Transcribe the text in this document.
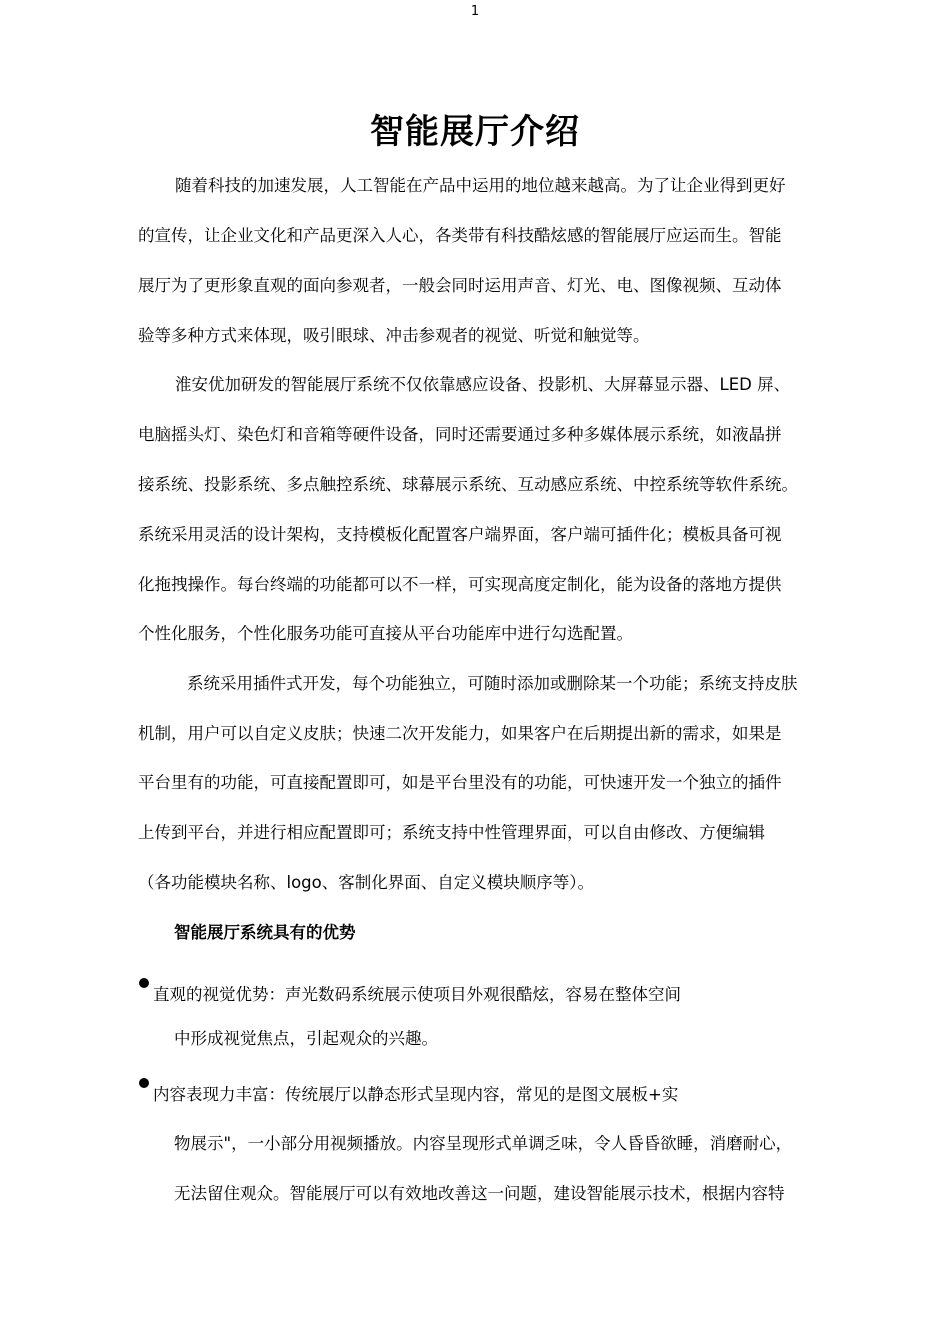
1
智能展厅介绍
随着科技的加速发展，人工智能在产品中运用的地位越来越高。为了让企业得到更好
的宣传，让企业文化和产品更深入人心，各类带有科技酷炫感的智能展厅应运而生。智能
展厅为了更形象直观的面向参观者，一般会同时运用声音、灯光、电、图像视频、互动体
验等多种方式来体现，吸引眼球、冲击参观者的视觉、听觉和触觉等。
淮安优加研发的智能展厅系统不仅依靠感应设备、投影机、大屏幕显示器、LED 屏、
电脑摇头灯、染色灯和音箱等硬件设备，同时还需要通过多种多媒体展示系统，如液晶拼
接系统、投影系统、多点触控系统、球幕展示系统、互动感应系统、中控系统等软件系统。
系统采用灵活的设计架构，支持模板化配置客户端界面，客户端可插件化；模板具备可视
化拖拽操作。每台终端的功能都可以不一样，可实现高度定制化，能为设备的落地方提供
个性化服务，个性化服务功能可直接从平台功能库中进行勾选配置。
系统采用插件式开发，每个功能独立，可随时添加或删除某一个功能；系统支持皮肤
机制，用户可以自定义皮肤；快速二次开发能力，如果客户在后期提出新的需求，如果是
平台里有的功能，可直接配置即可，如是平台里没有的功能，可快速开发一个独立的插件
上传到平台，并进行相应配置即可；系统支持中性管理界面，可以自由修改、方便编辑
（各功能模块名称、logo、客制化界面、自定义模块顺序等）。
智能展厅系统具有的优势
直观的视觉优势：声光数码系统展示使项目外观很酷炫，容易在整体空间
中形成视觉焦点，引起观众的兴趣。
内容表现力丰富：传统展厅以静态形式呈现内容，常见的是图文展板+实
物展示"，一小部分用视频播放。内容呈现形式单调乏味，令人昏昏欲睡，消磨耐心，
无法留住观众。智能展厅可以有效地改善这一问题，建设智能展示技术，根据内容特
